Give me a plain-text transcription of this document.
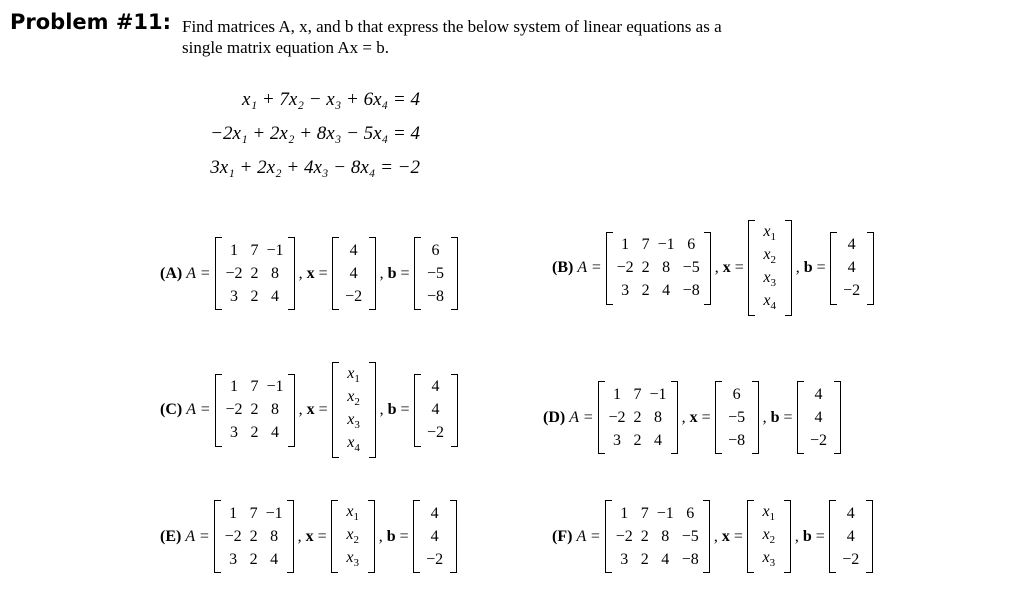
Problem #11: Find matrices A, x, and b that express the below system of linear equations as a
single matrix equation Ax = b.
x₁ + 7x₂ − x₃ + 6x₄ = 4
−2x₁ + 2x₂ + 8x₃ − 5x₄ = 4
3x₁ + 2x₂ + 4x₃ − 8x₄ = −2
(A) A =
1	7	−1
−2	2	8
3	2	4
, x =
4
4
−2
, b =
6
−5
−8
(B) A =
1	7	−1	6
−2	2	8	−5
3	2	4	−8
, x =
$x_1$
$x_2$
$x_3$
$x_4$
, b =
4
4
−2
(C) A =
1	7	−1
−2	2	8
3	2	4
, x =
$x_1$
$x_2$
$x_3$
$x_4$
, b =
4
4
−2
(D) A =
1	7	−1
−2	2	8
3	2	4
, x =
6
−5
−8
, b =
4
4
−2
(E) A =
1	7	−1
−2	2	8
3	2	4
, x =
$x_1$
$x_2$
$x_3$
, b =
4
4
−2
(F) A =
1	7	−1	6
−2	2	8	−5
3	2	4	−8
, x =
$x_1$
$x_2$
$x_3$
, b =
4
4
−2
